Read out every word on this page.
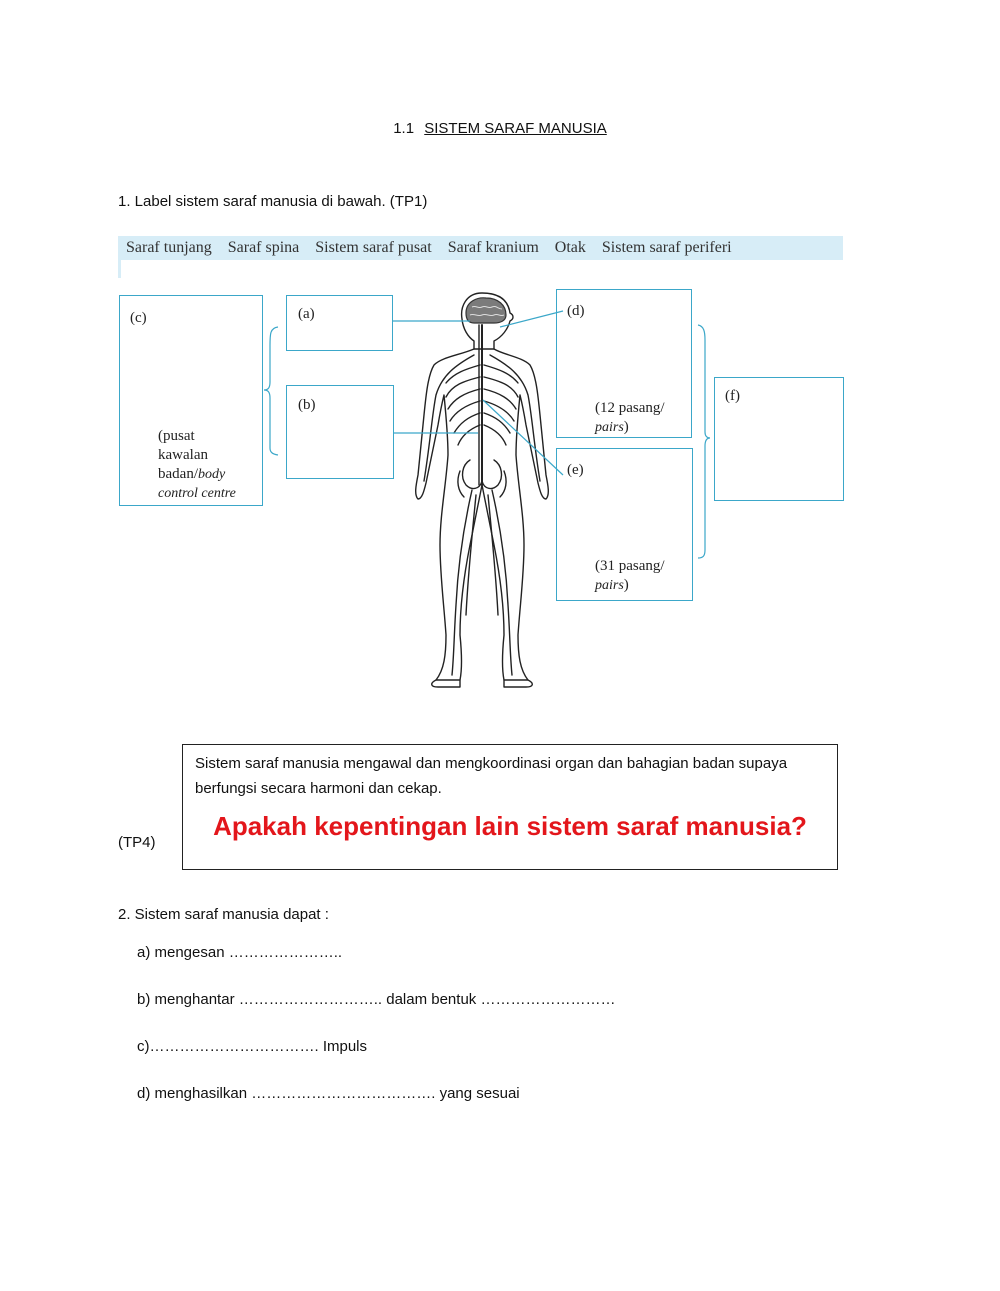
1.1 SISTEM SARAF MANUSIA
1. Label sistem saraf manusia di bawah. (TP1)
Saraf tunjang Saraf spina Sistem saraf pusat Saraf kranium Otak Sistem saraf periferi
(c)
(pusat
kawalan
badan/body
control centre
(a)
(b)
(d)
(12 pasang/
pairs)
(e)
(31 pasang/
pairs)
(f)
Sistem saraf manusia mengawal dan mengkoordinasi organ dan bahagian badan supaya berfungsi secara harmoni dan cekap.
Apakah kepentingan lain sistem saraf manusia?
(TP4)
2. Sistem saraf manusia dapat :
a) mengesan …………………..
b) menghantar ……………………….. dalam bentuk ………………………
c)……………………………. Impuls
d) menghasilkan ………………………………. yang sesuai
